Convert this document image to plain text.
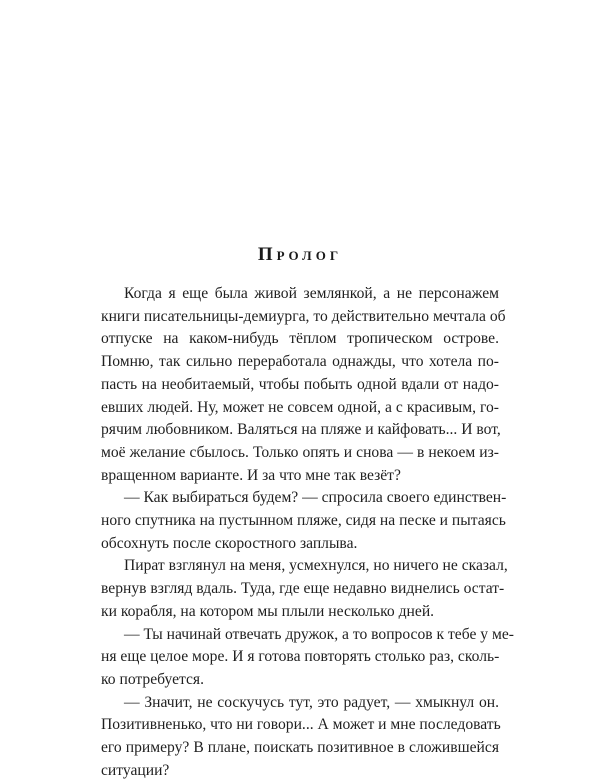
Пролог

Когда я еще была живой землянкой, а не персонажем
книги писательницы-демиурга, то действительно мечтала об
отпуске на каком-нибудь тёплом тропическом острове.
Помню, так сильно переработала однажды, что хотела по-
пасть на необитаемый, чтобы побыть одной вдали от надо-
евших людей. Ну, может не совсем одной, а с красивым, го-
рячим любовником. Валяться на пляже и кайфовать... И вот,
моё желание сбылось. Только опять и снова — в некоем из-
вращенном варианте. И за что мне так везёт?

— Как выбираться будем? — спросила своего единствен-
ного спутника на пустынном пляже, сидя на песке и пытаясь
обсохнуть после скоростного заплыва.

Пират взглянул на меня, усмехнулся, но ничего не сказал,
вернув взгляд вдаль. Туда, где еще недавно виднелись остат-
ки корабля, на котором мы плыли несколько дней.

— Ты начинай отвечать дружок, а то вопросов к тебе у ме-
ня еще целое море. И я готова повторять столько раз, сколь-
ко потребуется.

— Значит, не соскучусь тут, это радует, — хмыкнул он.
Позитивненько, что ни говори... А может и мне последовать
его примеру? В плане, поискать позитивное в сложившейся
ситуации?
